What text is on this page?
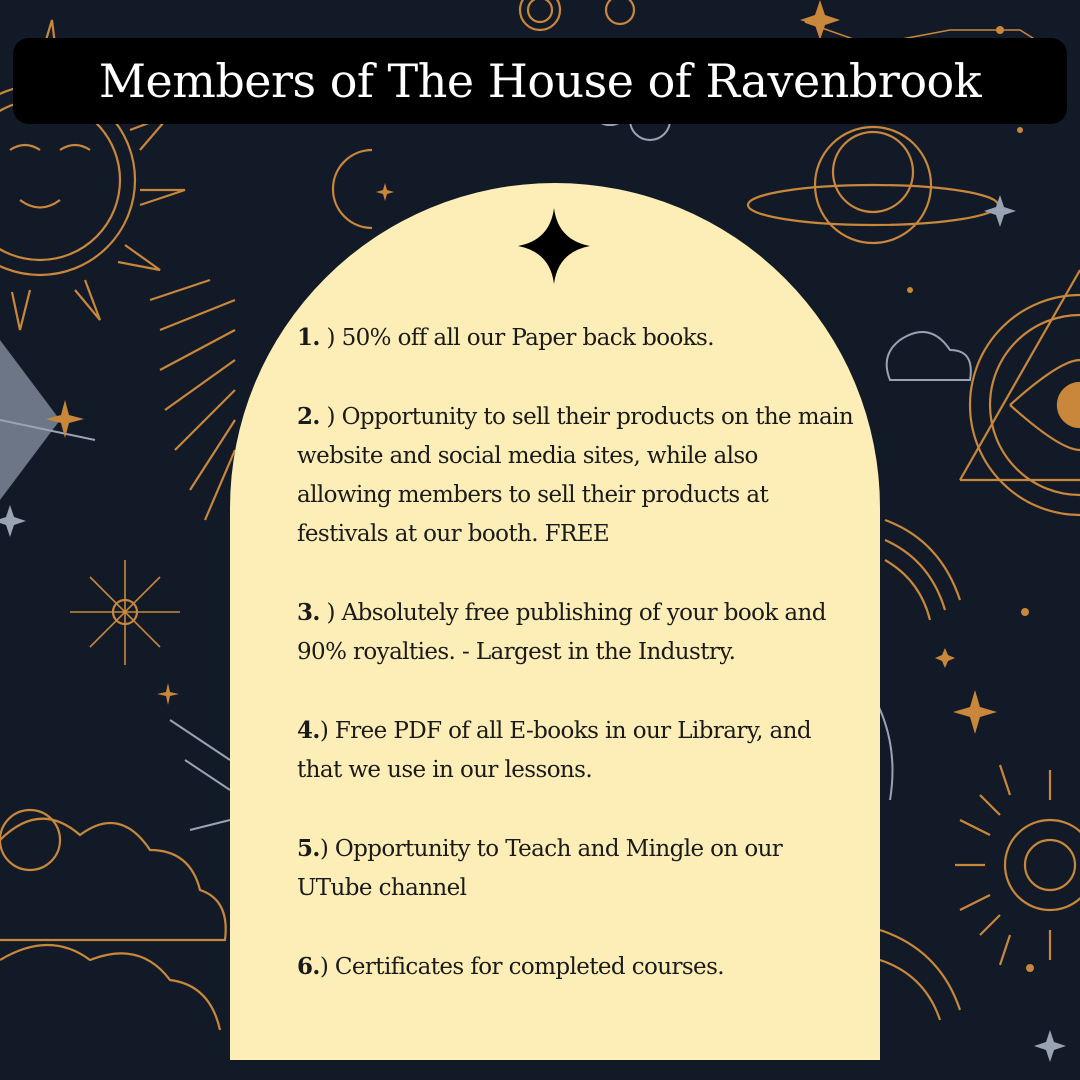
Members of The House of Ravenbrook
1. ) 50% off all our Paper back books.
2. ) Opportunity to sell their products on the main website and social media sites, while also allowing members to sell their products at festivals at our booth. FREE
3. ) Absolutely free publishing of your book and 90% royalties. - Largest in the Industry.
4.) Free PDF of all E-books in our Library, and that we use in our lessons.
5.) Opportunity to Teach and Mingle on our UTube channel
6.) Certificates for completed courses.
